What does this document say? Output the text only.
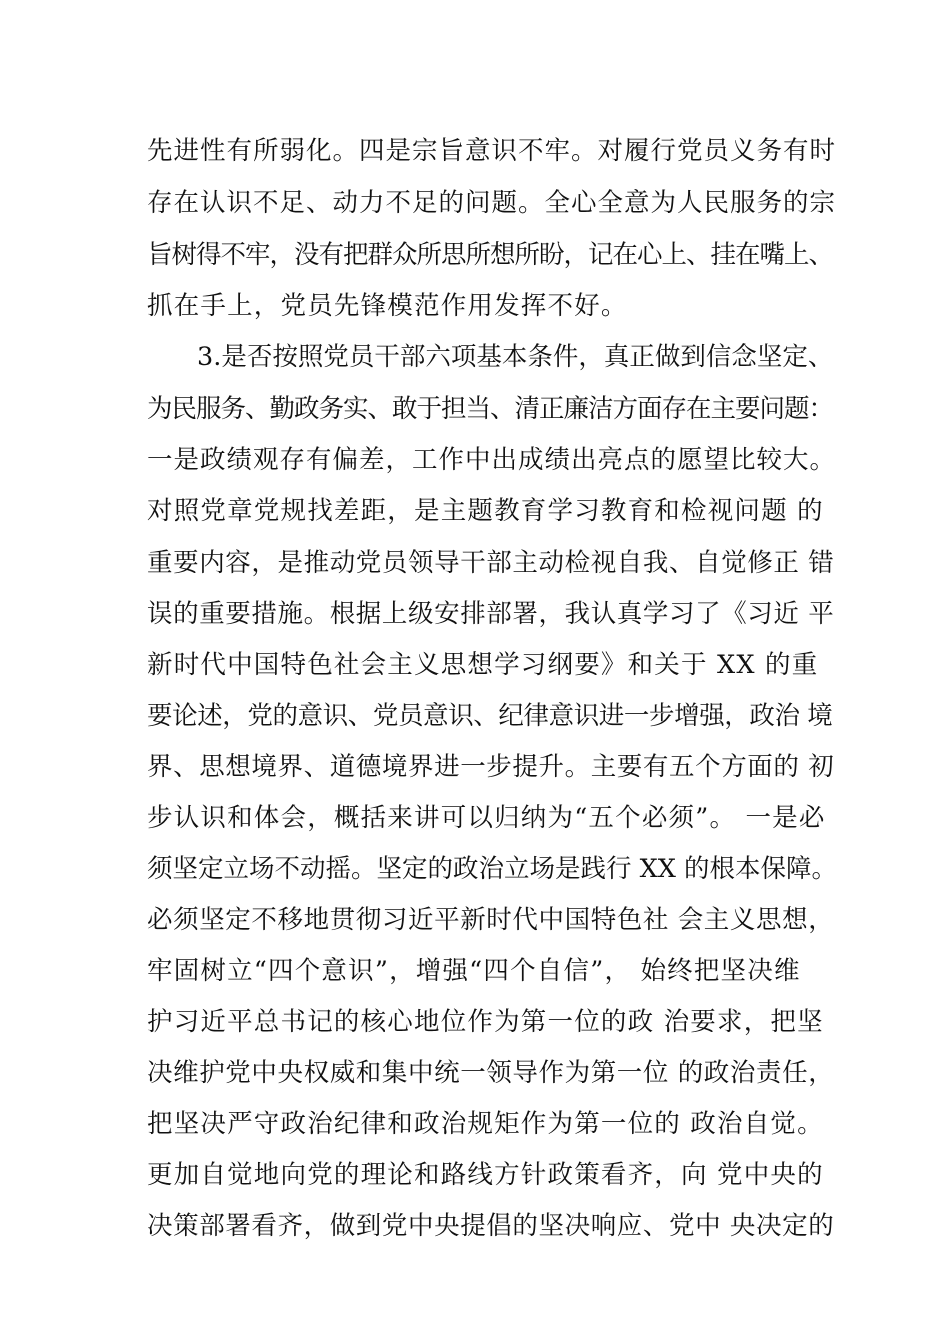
先进性有所弱化。四是宗旨意识不牢。对履行党员义务有时
存在认识不足、动力不足的问题。全心全意为人民服务的宗
旨树得不牢，没有把群众所思所想所盼，记在心上、挂在嘴上、
抓在手上，党员先锋模范作用发挥不好。
3.是否按照党员干部六项基本条件，真正做到信念坚定、
为民服务、勤政务实、敢于担当、清正廉洁方面存在主要问题：
一是政绩观存有偏差，工作中出成绩出亮点的愿望比较大。
对照党章党规找差距，是主题教育学习教育和检视问题 的
重要内容，是推动党员领导干部主动检视自我、自觉修正 错
误的重要措施。根据上级安排部署，我认真学习了《习近 平
新时代中国特色社会主义思想学习纲要》和关于 XX 的重
要论述，党的意识、党员意识、纪律意识进一步增强，政治 境
界、思想境界、道德境界进一步提升。主要有五个方面的 初
步认识和体会，概括来讲可以归纳为“五个必须”。 一是必
须坚定立场不动摇。坚定的政治立场是践行 XX 的根本保障。
必须坚定不移地贯彻习近平新时代中国特色社 会主义思想，
牢固树立“四个意识”，增强“四个自信”， 始终把坚决维
护习近平总书记的核心地位作为第一位的政 治要求，把坚
决维护党中央权威和集中统一领导作为第一位 的政治责任，
把坚决严守政治纪律和政治规矩作为第一位的 政治自觉。
更加自觉地向党的理论和路线方针政策看齐，向 党中央的
决策部署看齐，做到党中央提倡的坚决响应、党中 央决定的
